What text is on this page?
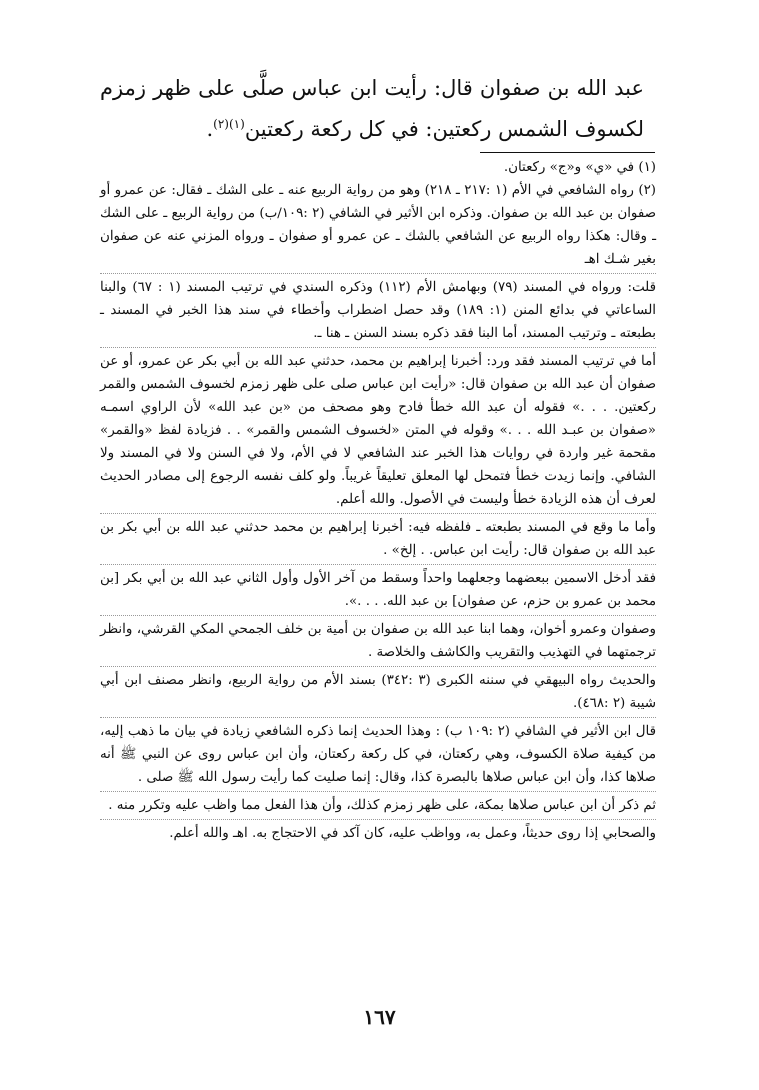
عبد الله بن صفوان قال: رأيت ابن عباس صلَّى على ظهر زمزم لكسوف الشمس ركعتين: في كل ركعة ركعتين$^{(١)(٢)}$.

(١) في «ي» و«ج» ركعتان.

(٢) رواه الشافعي في الأم (١ :٢١٧ ـ ٢١٨) وهو من رواية الربيع عنه ـ على الشك ـ فقال: عن عمرو أو صفوان بن عبد الله بن صفوان. وذكره ابن الأثير في الشافي (٢ :١٠٩/ب) من رواية الربيع ـ على الشك ـ وقال: هكذا رواه الربيع عن الشافعي بالشك ـ عن عمرو أو صفوان ـ ورواه المزني عنه عن صفوان بغير شـك اهـ

قلت: ورواه في المسند (٧٩) وبهامش الأم (١١٢) وذكره السندي في ترتيب المسند (١ : ٦٧) والبنا الساعاتي في بدائع المنن (١: ١٨٩) وقد حصل اضطراب وأخطاء في سند هذا الخبر في المسند ـ بطبعته ـ وترتيب المسند، أما البنا فقد ذكره بسند السنن ـ هنا ـ.

أما في ترتيب المسند فقد ورد: أخبرنا إبراهيم بن محمد، حدثني عبد الله بن أبي بكر عن عمرو، أو عن صفوان أن عبد الله بن صفوان قال: «رأيت ابن عباس صلى على ظهر زمزم لخسوف الشمس والقمر ركعتين. . . .» فقوله أن عبد الله خطأ فادح وهو مصحف من «بن عبد الله» لأن الراوي اسمـه «صفوان بن عبـد الله . . .» وقوله في المتن «لخسوف الشمس والقمر» . . فزيادة لفظ «والقمر» مقحمة غير واردة في روايات هذا الخبر عند الشافعي لا في الأم، ولا في السنن ولا في المسند ولا الشافي. وإنما زيدت خطأ فتمحل لها المعلق تعليقاً غريباً. ولو كلف نفسه الرجوع إلى مصادر الحديث لعرف أن هذه الزيادة خطأ وليست في الأصول. والله أعلم.

وأما ما وقع في المسند بطبعته ـ فلفظه فيه: أخبرنا إبراهيم بن محمد حدثني عبد الله بن أبي بكر بن عبد الله بن صفوان قال: رأيت ابن عباس. . إلخ» .

فقد أدخل الاسمين ببعضهما وجعلهما واحداً وسقط من آخر الأول وأول الثاني عبد الله بن أبي بكر [بن محمد بن عمرو بن حزم، عن صفوان] بن عبد الله. . . .».

وصفوان وعمرو أخوان، وهما ابنا عبد الله بن صفوان بن أمية بن خلف الجمحي المكي القرشي، وانظر ترجمتهما في التهذيب والتقريب والكاشف والخلاصة .

والحديث رواه البيهقي في سننه الكبرى (٣ :٣٤٢) بسند الأم من رواية الربيع، وانظر مصنف ابن أبي شيبة (٢ :٤٦٨).

قال ابن الأثير في الشافي (٢ :١٠٩ ب) : وهذا الحديث إنما ذكره الشافعي زيادة في بيان ما ذهب إليه، من كيفية صلاة الكسوف، وهي ركعتان، في كل ركعة ركعتان، وأن ابن عباس روى عن النبي ﷺ أنه صلاها كذا، وأن ابن عباس صلاها بالبصرة كذا، وقال: إنما صليت كما رأيت رسول الله ﷺ صلى .

ثم ذكر أن ابن عباس صلاها بمكة، على ظهر زمزم كذلك، وأن هذا الفعل مما واظب عليه وتكرر منه .

والصحابي إذا روى حديثاً، وعمل به، وواظب عليه، كان آكد في الاحتجاج به. اهـ والله أعلم.

١٦٧
